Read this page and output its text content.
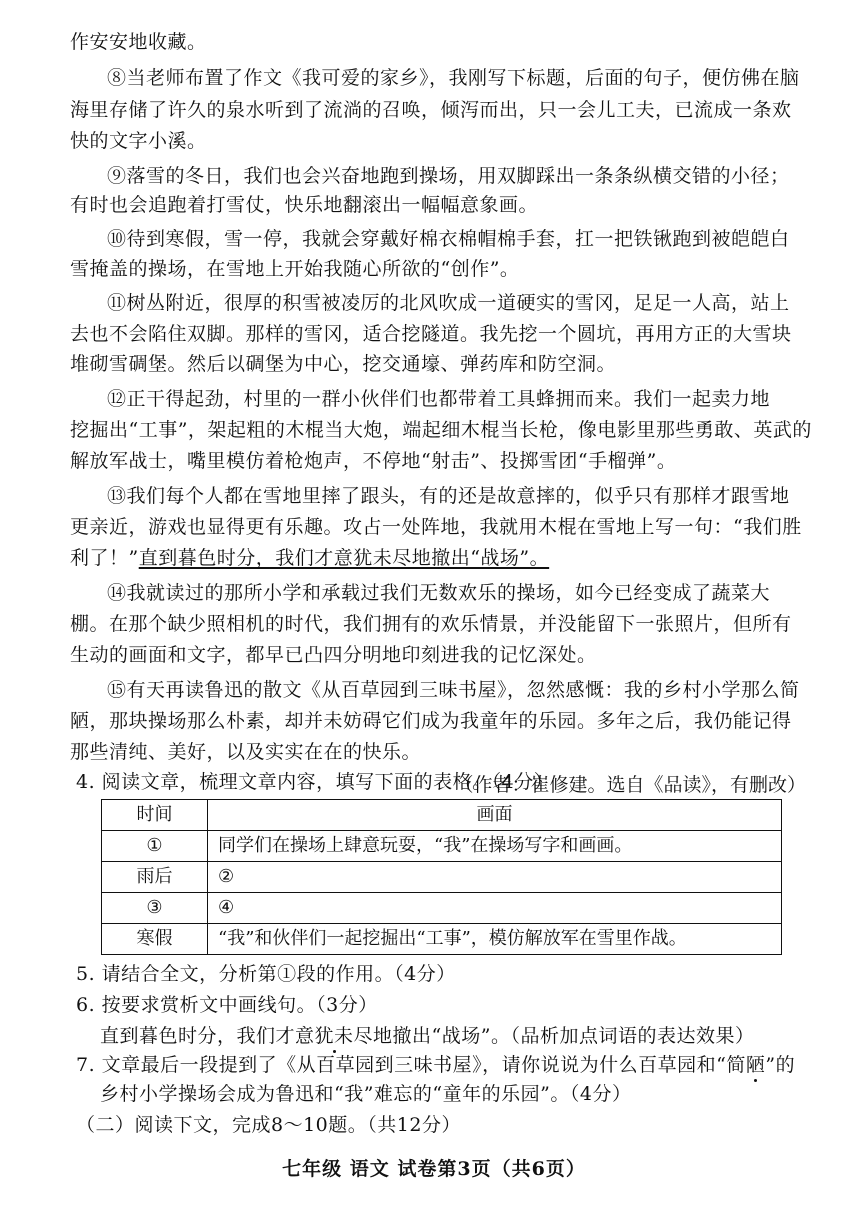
作安安地收藏。
⑧当老师布置了作文《我可爱的家乡》，我刚写下标题，后面的句子，便仿佛在脑
海里存储了许久的泉水听到了流淌的召唤，倾泻而出，只一会儿工夫，已流成一条欢
快的文字小溪。
⑨落雪的冬日，我们也会兴奋地跑到操场，用双脚踩出一条条纵横交错的小径；
有时也会追跑着打雪仗，快乐地翻滚出一幅幅意象画。
⑩待到寒假，雪一停，我就会穿戴好棉衣棉帽棉手套，扛一把铁锹跑到被皑皑白
雪掩盖的操场，在雪地上开始我随心所欲的“创作”。
⑪树丛附近，很厚的积雪被凌厉的北风吹成一道硬实的雪冈，足足一人高，站上
去也不会陷住双脚。那样的雪冈，适合挖隧道。我先挖一个圆坑，再用方正的大雪块
堆砌雪碉堡。然后以碉堡为中心，挖交通壕、弹药库和防空洞。
⑫正干得起劲，村里的一群小伙伴们也都带着工具蜂拥而来。我们一起卖力地
挖掘出“工事”，架起粗的木棍当大炮，端起细木棍当长枪，像电影里那些勇敢、英武的
解放军战士，嘴里模仿着枪炮声，不停地“射击”、投掷雪团“手榴弹”。
⑬我们每个人都在雪地里摔了跟头，有的还是故意摔的，似乎只有那样才跟雪地
更亲近，游戏也显得更有乐趣。攻占一处阵地，我就用木棍在雪地上写一句：“我们胜
利了！”直到暮色时分，我们才意犹未尽地撤出“战场”。
⑭我就读过的那所小学和承载过我们无数欢乐的操场，如今已经变成了蔬菜大
棚。在那个缺少照相机的时代，我们拥有的欢乐情景，并没能留下一张照片，但所有
生动的画面和文字，都早已凸四分明地印刻进我的记忆深处。
⑮有天再读鲁迅的散文《从百草园到三味书屋》，忽然感慨：我的乡村小学那么简
陋，那块操场那么朴素，却并未妨碍它们成为我童年的乐园。多年之后，我仍能记得
那些清纯、美好，以及实实在在的快乐。
（作者：崔修建。选自《品读》，有删改）
4. 阅读文章，梳理文章内容，填写下面的表格。（4分）
时间	画面
①	同学们在操场上肆意玩耍，“我”在操场写字和画画。
雨后	②
③	④
寒假	“我”和伙伴们一起挖掘出“工事”，模仿解放军在雪里作战。
5. 请结合全文，分析第①段的作用。（4分）
6. 按要求赏析文中画线句。（3分）
直到暮色时分，我们才意犹未尽地撤出“战场”。（品析加点词语的表达效果）
7. 文章最后一段提到了《从百草园到三味书屋》，请你说说为什么百草园和“简陋”的
乡村小学操场会成为鲁迅和“我”难忘的“童年的乐园”。（4分）
（二）阅读下文，完成8～10题。（共12分）
七年级 语文 试卷第3页（共6页）
